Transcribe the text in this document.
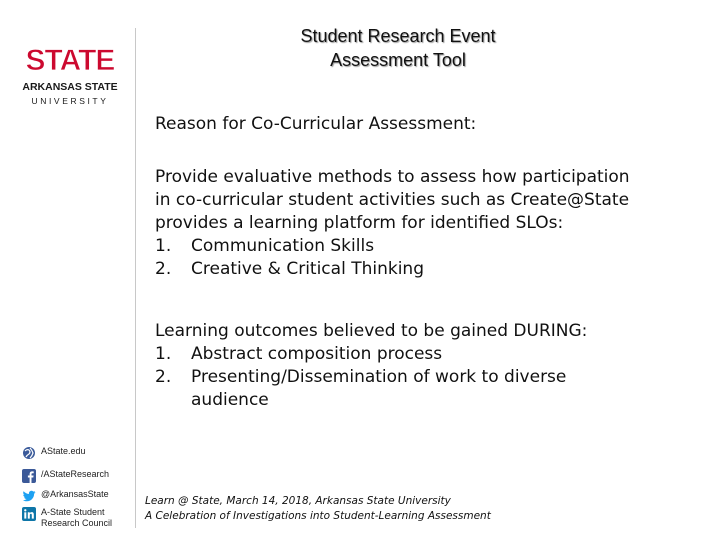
STATE
ARKANSAS STATE
UNIVERSITY
Student Research Event
Assessment Tool
Reason for Co-Curricular Assessment:
Provide evaluative methods to assess how participation
in co-curricular student activities such as Create@State
provides a learning platform for identified SLOs:
1.	Communication Skills
2.	Creative & Critical Thinking
Learning outcomes believed to be gained DURING:
1.	Abstract composition process
2.	Presenting/Dissemination of work to diverse
audience
AState.edu
/AStateResearch
@ArkansasState
A-State Student
Research Council
Learn @ State, March 14, 2018, Arkansas State University
A Celebration of Investigations into Student-Learning Assessment
